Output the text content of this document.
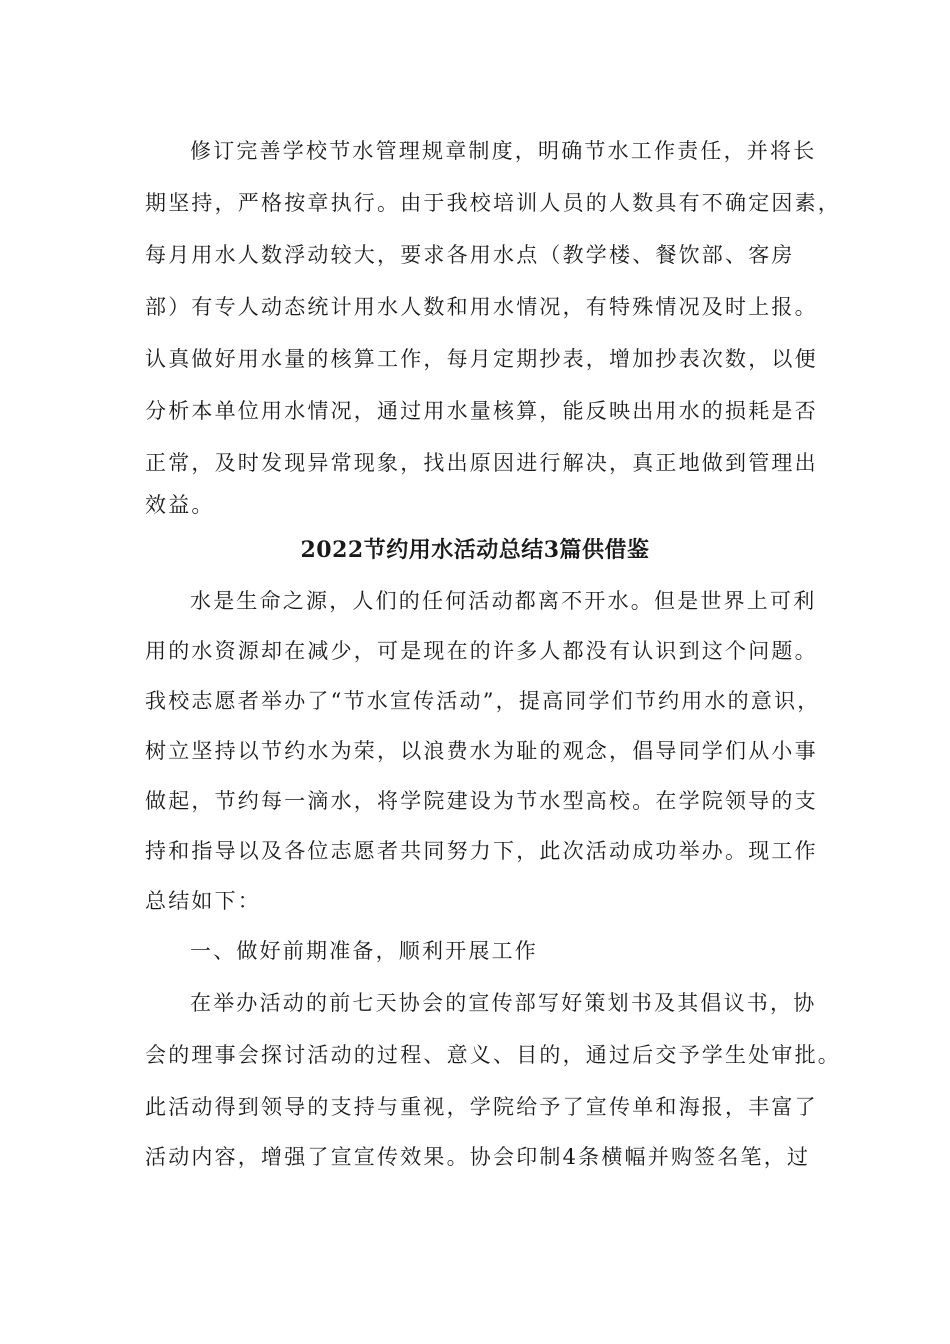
修订完善学校节水管理规章制度，明确节水工作责任，并将长
期坚持，严格按章执行。由于我校培训人员的人数具有不确定因素，
每月用水人数浮动较大，要求各用水点（教学楼、餐饮部、客房
部）有专人动态统计用水人数和用水情况，有特殊情况及时上报。
认真做好用水量的核算工作，每月定期抄表，增加抄表次数，以便
分析本单位用水情况，通过用水量核算，能反映出用水的损耗是否
正常，及时发现异常现象，找出原因进行解决，真正地做到管理出
效益。
2022节约用水活动总结3篇供借鉴
水是生命之源，人们的任何活动都离不开水。但是世界上可利
用的水资源却在减少，可是现在的许多人都没有认识到这个问题。
我校志愿者举办了“节水宣传活动”，提高同学们节约用水的意识，
树立坚持以节约水为荣，以浪费水为耻的观念，倡导同学们从小事
做起，节约每一滴水，将学院建设为节水型高校。在学院领导的支
持和指导以及各位志愿者共同努力下，此次活动成功举办。现工作
总结如下：
一、做好前期准备，顺利开展工作
在举办活动的前七天协会的宣传部写好策划书及其倡议书，协
会的理事会探讨活动的过程、意义、目的，通过后交予学生处审批。
此活动得到领导的支持与重视，学院给予了宣传单和海报，丰富了
活动内容，增强了宣宣传效果。协会印制4条横幅并购签名笔，过
